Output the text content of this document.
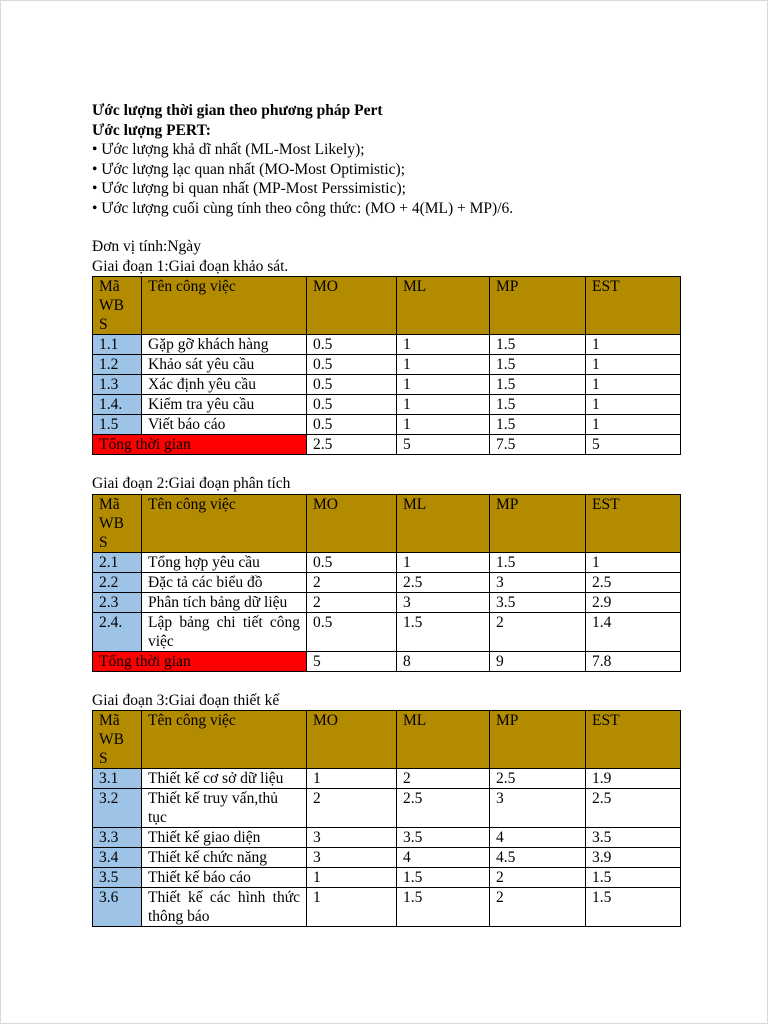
Ước lượng thời gian theo phương pháp Pert
Ước lượng PERT:
• Ước lượng khả dĩ nhất (ML-Most Likely);
• Ước lượng lạc quan nhất (MO-Most Optimistic);
• Ước lượng bi quan nhất (MP-Most Perssimistic);
• Ước lượng cuối cùng tính theo công thức: (MO + 4(ML) + MP)/6.
Đơn vị tính:Ngày
Giai đoạn 1:Giai đoạn khảo sát.
Mã
WB
S	Tên công việc	MO	ML	MP	EST
1.1	Gặp gỡ khách hàng	0.5	1	1.5	1
1.2	Khảo sát yêu cầu	0.5	1	1.5	1
1.3	Xác định yêu cầu	0.5	1	1.5	1
1.4.	Kiểm tra yêu cầu	0.5	1	1.5	1
1.5	Viết báo cáo	0.5	1	1.5	1
Tổng thời gian		2.5	5	7.5	5
Giai đoạn 2:Giai đoạn phân tích
Mã
WB
S	Tên công việc	MO	ML	MP	EST
2.1	Tổng hợp yêu cầu	0.5	1	1.5	1
2.2	Đặc tả các biểu đồ	2	2.5	3	2.5
2.3	Phân tích bảng dữ liệu	2	3	3.5	2.9
2.4.	Lập bảng chi tiết công việc	0.5	1.5	2	1.4
Tổng thời gian		5	8	9	7.8
Giai đoạn 3:Giai đoạn thiết kế
Mã
WB
S	Tên công việc	MO	ML	MP	EST
3.1	Thiết kế cơ sở dữ liệu	1	2	2.5	1.9
3.2	Thiết kế truy vấn,thủ tục	2	2.5	3	2.5
3.3	Thiết kế giao diện	3	3.5	4	3.5
3.4	Thiết kế chức năng	3	4	4.5	3.9
3.5	Thiết kế báo cáo	1	1.5	2	1.5
3.6	Thiết kế các hình thức thông báo	1	1.5	2	1.5
